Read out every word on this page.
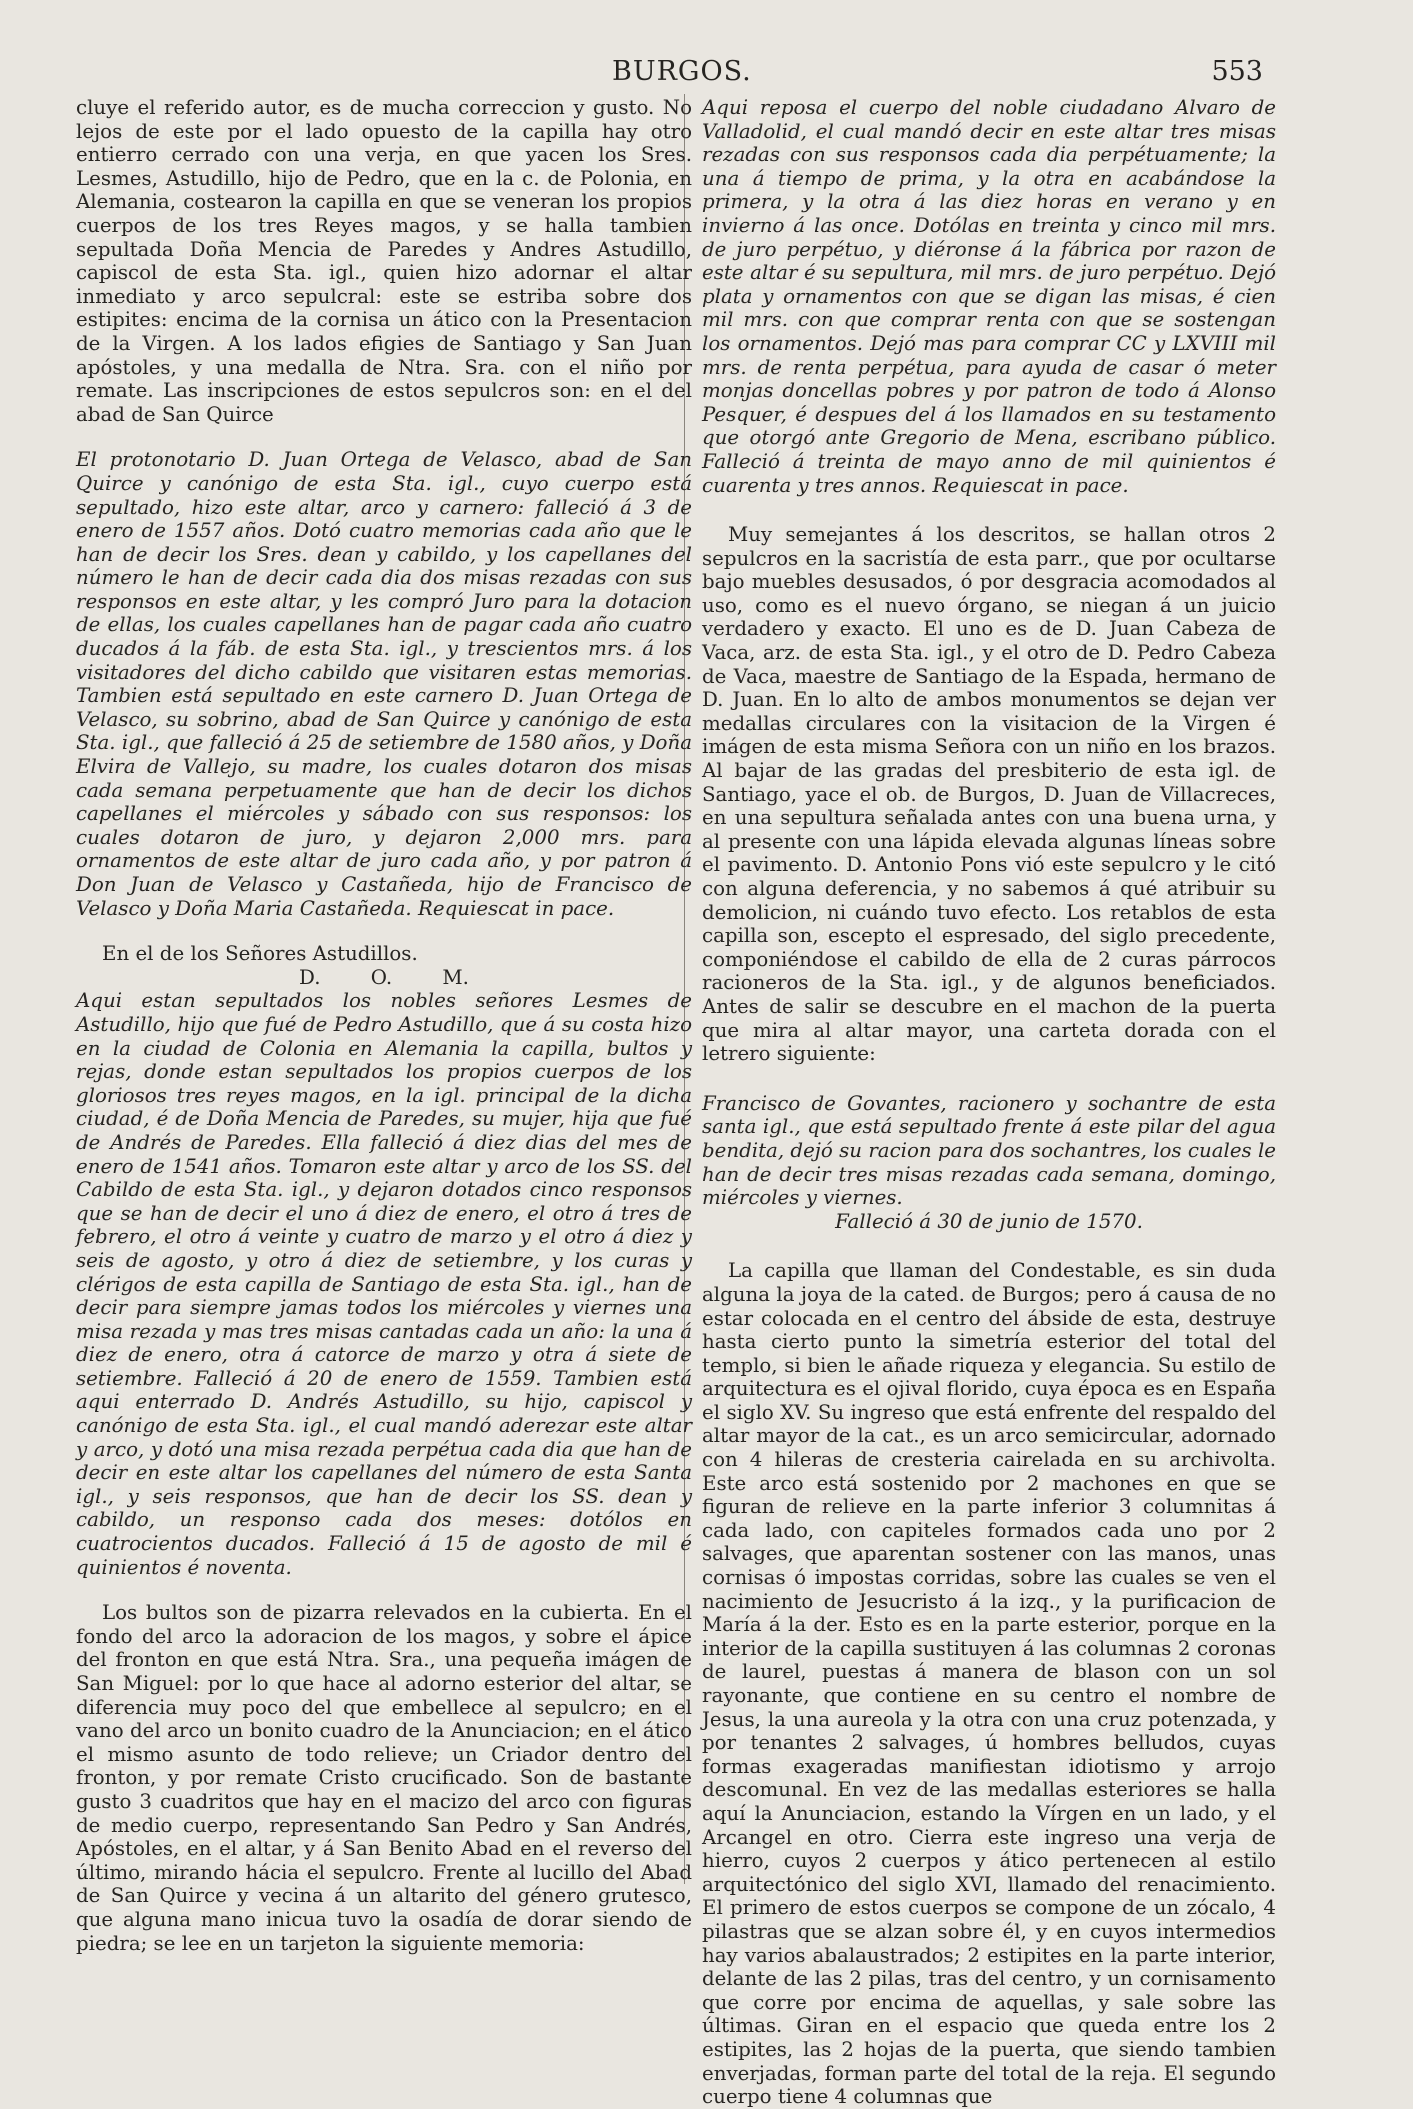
BURGOS.	553

cluye el referido autor, es de mucha correccion y gusto. No lejos de este por el lado opuesto de la capilla hay otro entierro cerrado con una verja, en que yacen los Sres. Lesmes, Astudillo, hijo de Pedro, que en la c. de Polonia, en Alemania, costearon la capilla en que se veneran los propios cuerpos de los tres Reyes magos, y se halla tambien sepultada Doña Mencia de Paredes y Andres Astudillo, capiscol de esta Sta. igl., quien hizo adornar el altar inmediato y arco sepulcral: este se estriba sobre dos estipites: encima de la cornisa un ático con la Presentacion de la Virgen. A los lados efigies de Santiago y San Juan apóstoles, y una medalla de Ntra. Sra. con el niño por remate. Las inscripciones de estos sepulcros son: en el del abad de San Quirce

El protonotario D. Juan Ortega de Velasco, abad de San Quirce y canónigo de esta Sta. igl., cuyo cuerpo está sepultado, hizo este altar, arco y carnero: falleció á 3 de enero de 1557 años. Dotó cuatro memorias cada año que le han de decir los Sres. dean y cabildo, y los capellanes del número le han de decir cada dia dos misas rezadas con sus responsos en este altar, y les compró Juro para la dotacion de ellas, los cuales capellanes han de pagar cada año cuatro ducados á la fáb. de esta Sta. igl., y trescientos mrs. á los visitadores del dicho cabildo que visitaren estas memorias. Tambien está sepultado en este carnero D. Juan Ortega de Velasco, su sobrino, abad de San Quirce y canónigo de esta Sta. igl., que falleció á 25 de setiembre de 1580 años, y Doña Elvira de Vallejo, su madre, los cuales dotaron dos misas cada semana perpetuamente que han de decir los dichos capellanes el miércoles y sábado con sus responsos: los cuales dotaron de juro, y dejaron 2,000 mrs. para ornamentos de este altar de juro cada año, y por patron á Don Juan de Velasco y Castañeda, hijo de Francisco de Velasco y Doña Maria Castañeda. Requiescat in pace.

En el de los Señores Astudillos.

D. O. M.

Aqui estan sepultados los nobles señores Lesmes de Astudillo, hijo que fué de Pedro Astudillo, que á su costa hizo en la ciudad de Colonia en Alemania la capilla, bultos y rejas, donde estan sepultados los propios cuerpos de los gloriosos tres reyes magos, en la igl. principal de la dicha ciudad, é de Doña Mencia de Paredes, su mujer, hija que fué de Andrés de Paredes. Ella falleció á diez dias del mes de enero de 1541 años. Tomaron este altar y arco de los SS. del Cabildo de esta Sta. igl., y dejaron dotados cinco responsos que se han de decir el uno á diez de enero, el otro á tres de febrero, el otro á veinte y cuatro de marzo y el otro á diez y seis de agosto, y otro á diez de setiembre, y los curas y clérigos de esta capilla de Santiago de esta Sta. igl., han de decir para siempre jamas todos los miércoles y viernes una misa rezada y mas tres misas cantadas cada un año: la una á diez de enero, otra á catorce de marzo y otra á siete de setiembre. Falleció á 20 de enero de 1559. Tambien está aqui enterrado D. Andrés Astudillo, su hijo, capiscol y canónigo de esta Sta. igl., el cual mandó aderezar este altar y arco, y dotó una misa rezada perpétua cada dia que han de decir en este altar los capellanes del número de esta Santa igl., y seis responsos, que han de decir los SS. dean y cabildo, un responso cada dos meses: dotólos en cuatrocientos ducados. Falleció á 15 de agosto de mil é quinientos é noventa.

Los bultos son de pizarra relevados en la cubierta. En el fondo del arco la adoracion de los magos, y sobre el ápice del fronton en que está Ntra. Sra., una pequeña imágen de San Miguel: por lo que hace al adorno esterior del altar, se diferencia muy poco del que embellece al sepulcro; en el vano del arco un bonito cuadro de la Anunciacion; en el ático el mismo asunto de todo relieve; un Criador dentro del fronton, y por remate Cristo crucificado. Son de bastante gusto 3 cuadritos que hay en el macizo del arco con figuras de medio cuerpo, representando San Pedro y San Andrés, Apóstoles, en el altar, y á San Benito Abad en el reverso del último, mirando hácia el sepulcro. Frente al lucillo del Abad de San Quirce y vecina á un altarito del género grutesco, que alguna mano inicua tuvo la osadía de dorar siendo de piedra; se lee en un tarjeton la siguiente memoria:

Aqui reposa el cuerpo del noble ciudadano Alvaro de Valladolid, el cual mandó decir en este altar tres misas rezadas con sus responsos cada dia perpétuamente; la una á tiempo de prima, y la otra en acabándose la primera, y la otra á las diez horas en verano y en invierno á las once. Dotólas en treinta y cinco mil mrs. de juro perpétuo, y diéronse á la fábrica por razon de este altar é su sepultura, mil mrs. de juro perpétuo. Dejó plata y ornamentos con que se digan las misas, é cien mil mrs. con que comprar renta con que se sostengan los ornamentos. Dejó mas para comprar CC y LXVIII mil mrs. de renta perpétua, para ayuda de casar ó meter monjas doncellas pobres y por patron de todo á Alonso Pesquer, é despues del á los llamados en su testamento que otorgó ante Gregorio de Mena, escribano público. Falleció á treinta de mayo anno de mil quinientos é cuarenta y tres annos. Requiescat in pace.

Muy semejantes á los descritos, se hallan otros 2 sepulcros en la sacristía de esta parr., que por ocultarse bajo muebles desusados, ó por desgracia acomodados al uso, como es el nuevo órgano, se niegan á un juicio verdadero y exacto. El uno es de D. Juan Cabeza de Vaca, arz. de esta Sta. igl., y el otro de D. Pedro Cabeza de Vaca, maestre de Santiago de la Espada, hermano de D. Juan. En lo alto de ambos monumentos se dejan ver medallas circulares con la visitacion de la Virgen é imágen de esta misma Señora con un niño en los brazos. Al bajar de las gradas del presbiterio de esta igl. de Santiago, yace el ob. de Burgos, D. Juan de Villacreces, en una sepultura señalada antes con una buena urna, y al presente con una lápida elevada algunas líneas sobre el pavimento. D. Antonio Pons vió este sepulcro y le citó con alguna deferencia, y no sabemos á qué atribuir su demolicion, ni cuándo tuvo efecto. Los retablos de esta capilla son, escepto el espresado, del siglo precedente, componiéndose el cabildo de ella de 2 curas párrocos racioneros de la Sta. igl., y de algunos beneficiados. Antes de salir se descubre en el machon de la puerta que mira al altar mayor, una carteta dorada con el letrero siguiente:

Francisco de Govantes, racionero y sochantre de esta santa igl., que está sepultado frente á este pilar del agua bendita, dejó su racion para dos sochantres, los cuales le han de decir tres misas rezadas cada semana, domingo, miércoles y viernes.

Falleció á 30 de junio de 1570.

La capilla que llaman del Condestable, es sin duda alguna la joya de la cated. de Burgos; pero á causa de no estar colocada en el centro del ábside de esta, destruye hasta cierto punto la simetría esterior del total del templo, si bien le añade riqueza y elegancia. Su estilo de arquitectura es el ojival florido, cuya época es en España el siglo XV. Su ingreso que está enfrente del respaldo del altar mayor de la cat., es un arco semicircular, adornado con 4 hileras de cresteria cairelada en su archivolta. Este arco está sostenido por 2 machones en que se figuran de relieve en la parte inferior 3 columnitas á cada lado, con capiteles formados cada uno por 2 salvages, que aparentan sostener con las manos, unas cornisas ó impostas corridas, sobre las cuales se ven el nacimiento de Jesucristo á la izq., y la purificacion de María á la der. Esto es en la parte esterior, porque en la interior de la capilla sustituyen á las columnas 2 coronas de laurel, puestas á manera de blason con un sol rayonante, que contiene en su centro el nombre de Jesus, la una aureola y la otra con una cruz potenzada, y por tenantes 2 salvages, ú hombres belludos, cuyas formas exageradas manifiestan idiotismo y arrojo descomunal. En vez de las medallas esteriores se halla aquí la Anunciacion, estando la Vírgen en un lado, y el Arcangel en otro. Cierra este ingreso una verja de hierro, cuyos 2 cuerpos y ático pertenecen al estilo arquitectónico del siglo XVI, llamado del renacimiento. El primero de estos cuerpos se compone de un zócalo, 4 pilastras que se alzan sobre él, y en cuyos intermedios hay varios abalaustrados; 2 estipites en la parte interior, delante de las 2 pilas, tras del centro, y un cornisamento que corre por encima de aquellas, y sale sobre las últimas. Giran en el espacio que queda entre los 2 estipites, las 2 hojas de la puerta, que siendo tambien enverjadas, forman parte del total de la reja. El segundo cuerpo tiene 4 columnas que
